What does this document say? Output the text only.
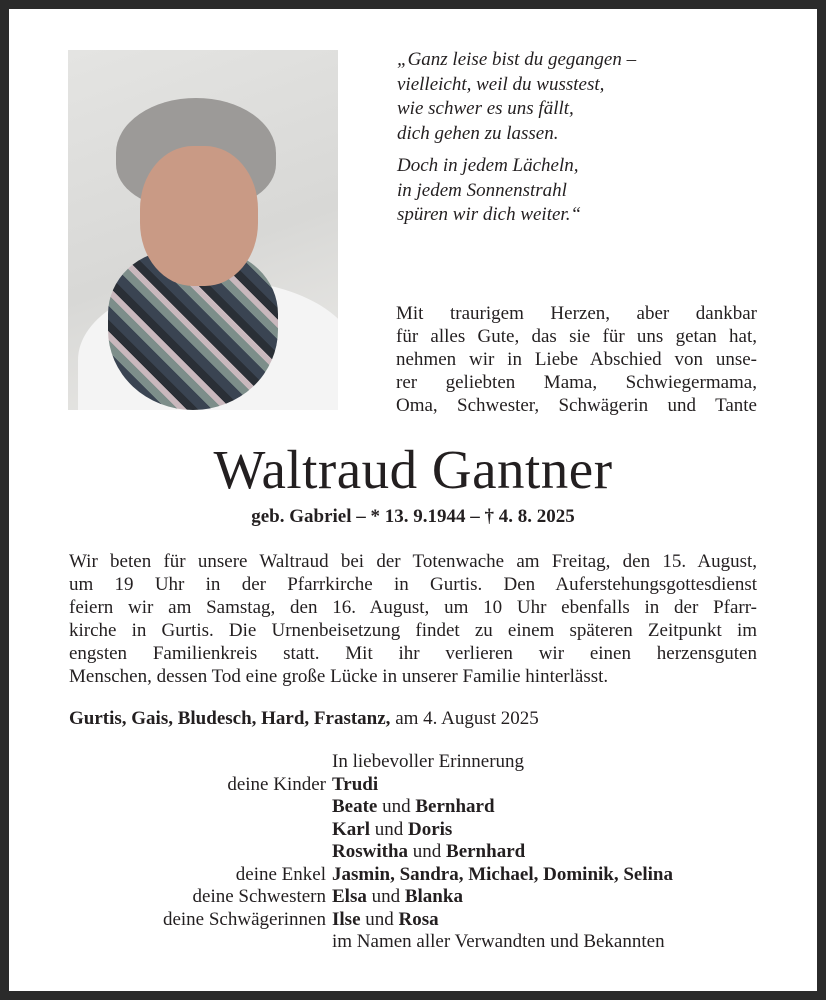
„Ganz leise bist du gegangen –
vielleicht, weil du wusstest,
wie schwer es uns fällt,
dich gehen zu lassen.
Doch in jedem Lächeln,
in jedem Sonnenstrahl
spüren wir dich weiter.“
Mit traurigem Herzen, aber dankbar
für alles Gute, das sie für uns getan hat,
nehmen wir in Liebe Abschied von unse-
rer geliebten Mama, Schwiegermama,
Oma, Schwester, Schwägerin und Tante
Waltraud Gantner
geb. Gabriel – * 13. 9.1944 – † 4. 8. 2025
Wir beten für unsere Waltraud bei der Totenwache am Freitag, den 15. August,
um 19 Uhr in der Pfarrkirche in Gurtis. Den Auferstehungsgottesdienst
feiern wir am Samstag, den 16. August, um 10 Uhr ebenfalls in der Pfarr-
kirche in Gurtis. Die Urnenbeisetzung findet zu einem späteren Zeitpunkt im
engsten Familienkreis statt. Mit ihr verlieren wir einen herzensguten
Menschen, dessen Tod eine große Lücke in unserer Familie hinterlässt.
Gurtis, Gais, Bludesch, Hard, Frastanz, am 4. August 2025
In liebevoller Erinnerung
deine Kinder Trudi
Beate und Bernhard
Karl und Doris
Roswitha und Bernhard
deine Enkel Jasmin, Sandra, Michael, Dominik, Selina
deine Schwestern Elsa und Blanka
deine Schwägerinnen Ilse und Rosa
im Namen aller Verwandten und Bekannten
